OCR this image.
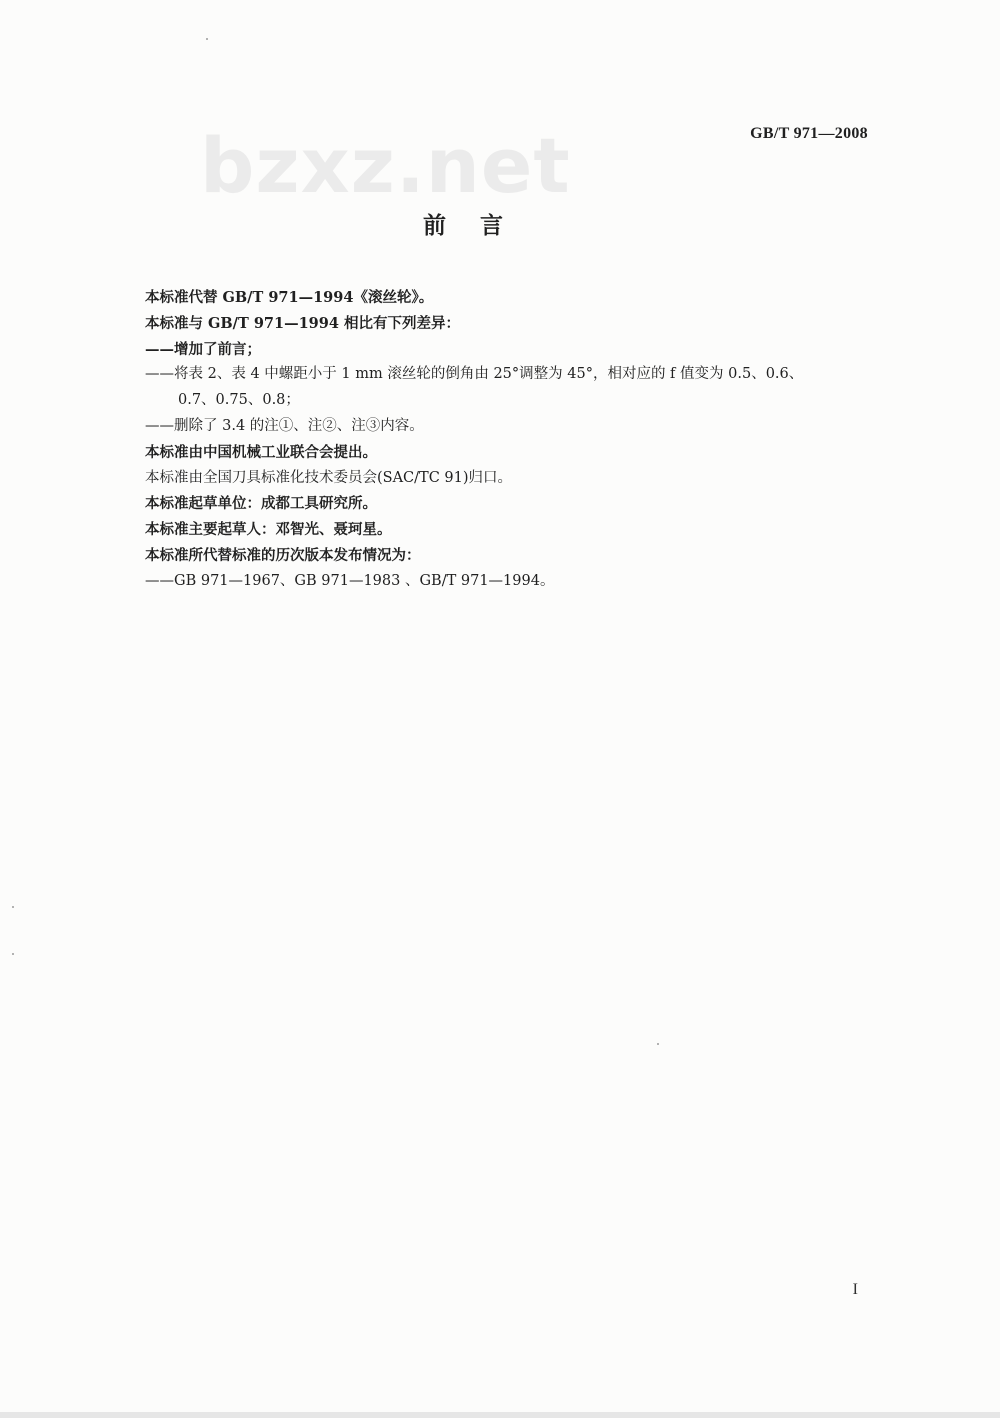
GB/T 971—2008
bzxz.net
前言
本标准代替 GB/T 971—1994《滚丝轮》。
本标准与 GB/T 971—1994 相比有下列差异：
——增加了前言；
——将表 2、表 4 中螺距小于 1 mm 滚丝轮的倒角由 25°调整为 45°，相对应的 f 值变为 0.5、0.6、
0.7、0.75、0.8；
——删除了 3.4 的注①、注②、注③内容。
本标准由中国机械工业联合会提出。
本标准由全国刀具标准化技术委员会(SAC/TC 91)归口。
本标准起草单位：成都工具研究所。
本标准主要起草人：邓智光、聂珂星。
本标准所代替标准的历次版本发布情况为：
——GB 971—1967、GB 971—1983 、GB/T 971—1994。
I
